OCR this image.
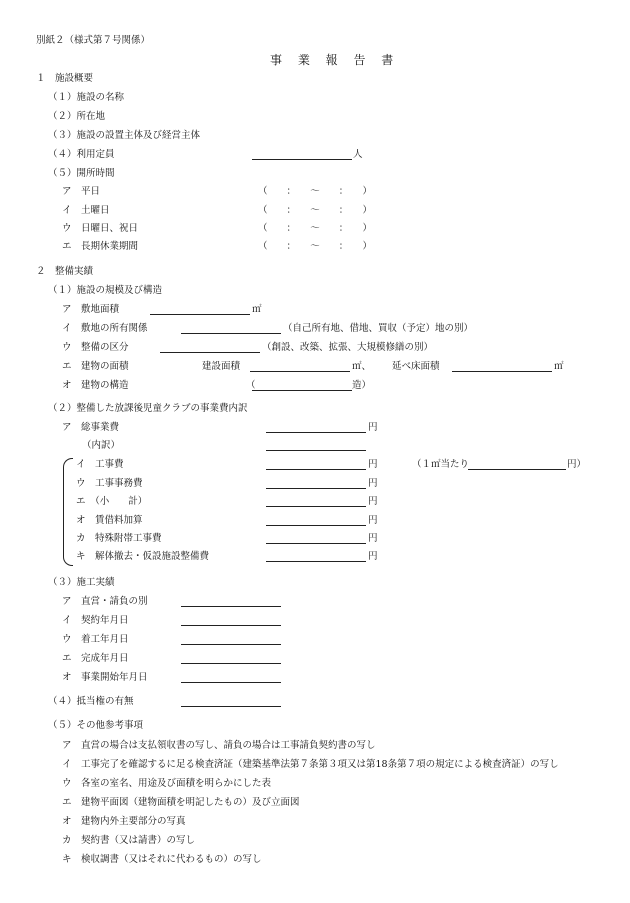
別紙２（様式第７号関係）
事 業 報 告 書
１　施設概要
（１）施設の名称
（２）所在地
（３）施設の設置主体及び経営主体
（４）利用定員	人
（５）開所時間
ア　平日	（　　：　　～　　：　　）
イ　土曜日	（　　：　　～　　：　　）
ウ　日曜日、祝日	（　　：　　～　　：　　）
エ　長期休業期間	（　　：　　～　　：　　）
２　整備実績
（１）施設の規模及び構造
ア　敷地面積	㎡
イ　敷地の所有関係	（自己所有地、借地、買収（予定）地の別）
ウ　整備の区分	（創設、改築、拡張、大規模修繕の別）
エ　建物の面積	建設面積	㎡、 延べ床面積	㎡
オ　建物の構造	（	造）
（２）整備した放課後児童クラブの事業費内訳
ア　総事業費	円
（内訳）
イ　工事費	円	（１㎡当たり	円）
ウ　工事事務費	円
エ　（小　　計）	円
オ　賃借料加算	円
カ　特殊附帯工事費	円
キ　解体撤去・仮設施設整備費	円
（３）施工実績
ア　直営・請負の別
イ　契約年月日
ウ　着工年月日
エ　完成年月日
オ　事業開始年月日
（４）抵当権の有無
（５）その他参考事項
ア　直営の場合は支払領収書の写し、請負の場合は工事請負契約書の写し
イ　工事完了を確認するに足る検査済証（建築基準法第７条第３項又は第18条第７項の規定による検査済証）の写し
ウ　各室の室名、用途及び面積を明らかにした表
エ　建物平面図（建物面積を明記したもの）及び立面図
オ　建物内外主要部分の写真
カ　契約書（又は請書）の写し
キ　検収調書（又はそれに代わるもの）の写し
